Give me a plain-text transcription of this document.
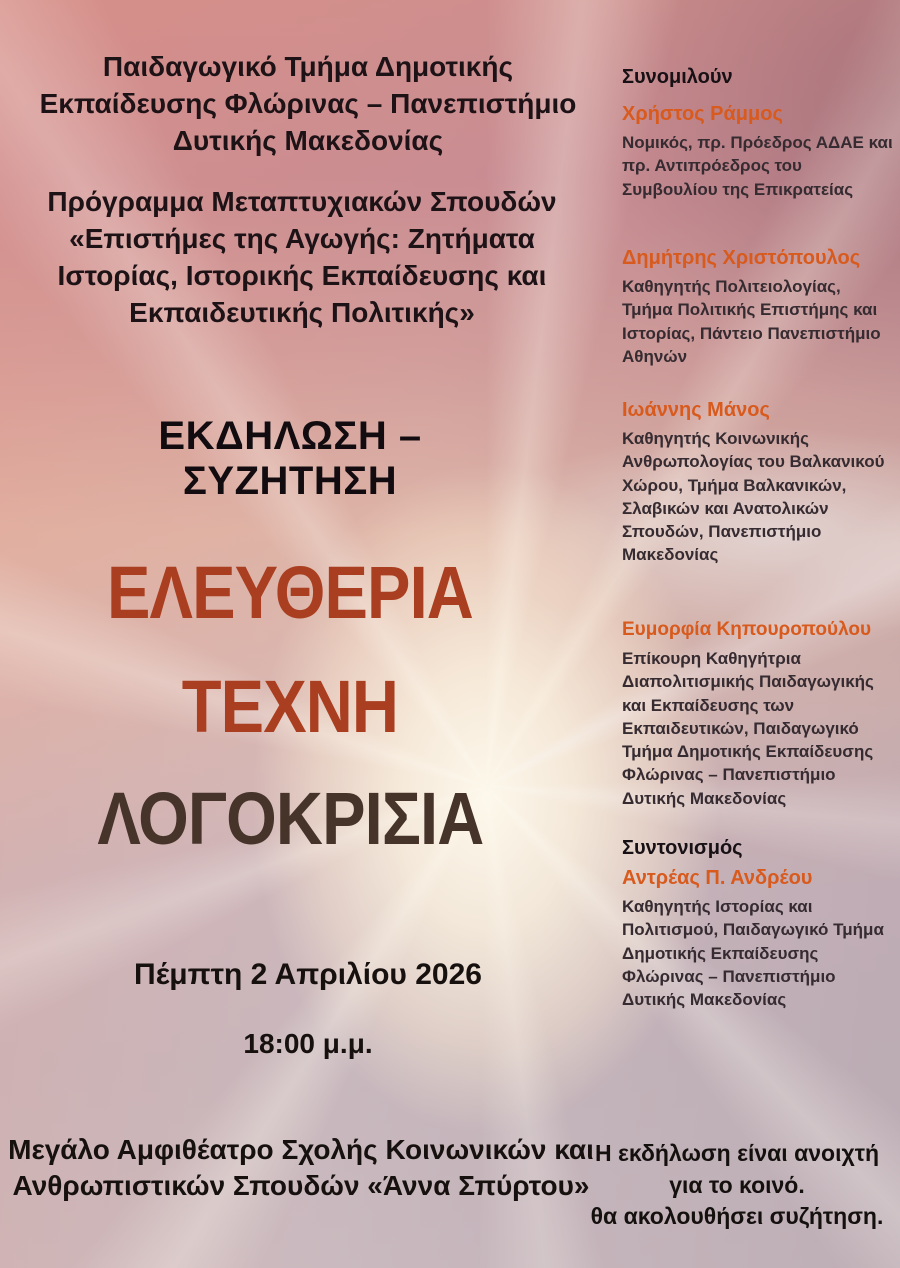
Παιδαγωγικό Τμήμα Δημοτικής Εκπαίδευσης Φλώρινας – Πανεπιστήμιο Δυτικής Μακεδονίας
Πρόγραμμα Μεταπτυχιακών Σπουδών «Επιστήμες της Αγωγής: Ζητήματα Ιστορίας, Ιστορικής Εκπαίδευσης και Εκπαιδευτικής Πολιτικής»
ΕΚΔΗΛΩΣΗ – ΣΥΖΗΤΗΣΗ
ΕΛΕΥΘΕΡΙΑ
ΤΕΧΝΗ
ΛΟΓΟΚΡΙΣΙΑ
Πέμπτη 2 Απριλίου 2026
18:00 μ.μ.
Μεγάλο Αμφιθέατρο Σχολής Κοινωνικών και Ανθρωπιστικών Σπουδών «Άννα Σπύρτου»
Συνομιλούν
Χρήστος Ράμμος
Νομικός, πρ. Πρόεδρος ΑΔΑΕ και πρ. Αντιπρόεδρος του Συμβουλίου της Επικρατείας
Δημήτρης Χριστόπουλος
Καθηγητής Πολιτειολογίας, Τμήμα Πολιτικής Επιστήμης και Ιστορίας, Πάντειο Πανεπιστήμιο Αθηνών
Ιωάννης Μάνος
Καθηγητής Κοινωνικής Ανθρωπολογίας του Βαλκανικού Χώρου, Τμήμα Βαλκανικών, Σλαβικών και Ανατολικών Σπουδών, Πανεπιστήμιο Μακεδονίας
Ευμορφία Κηπουροπούλου
Επίκουρη Καθηγήτρια Διαπολιτισμικής Παιδαγωγικής και Εκπαίδευσης των Εκπαιδευτικών, Παιδαγωγικό Τμήμα Δημοτικής Εκπαίδευσης Φλώρινας – Πανεπιστήμιο Δυτικής Μακεδονίας
Συντονισμός
Αντρέας Π. Ανδρέου
Καθηγητής Ιστορίας και Πολιτισμού, Παιδαγωγικό Τμήμα Δημοτικής Εκπαίδευσης Φλώρινας – Πανεπιστήμιο Δυτικής Μακεδονίας
Η εκδήλωση είναι ανοιχτή
για το κοινό.
θα ακολουθήσει συζήτηση.
